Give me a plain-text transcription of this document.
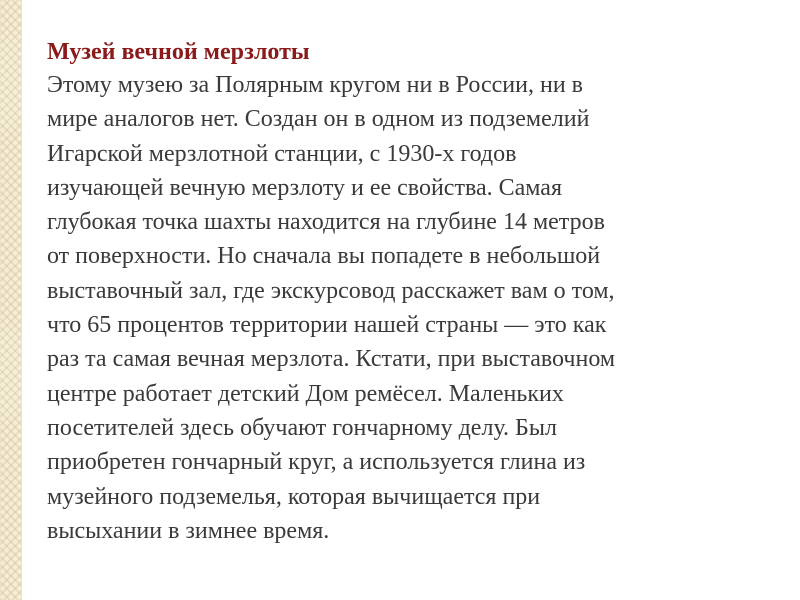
Музей вечной мерзлоты
Этому музею за Полярным кругом ни в России, ни в
мире аналогов нет. Создан он в одном из подземелий
Игарской мерзлотной станции, с 1930-х годов
изучающей вечную мерзлоту и ее свойства. Самая
глубокая точка шахты находится на глубине 14 метров
от поверхности. Но сначала вы попадете в небольшой
выставочный зал, где экскурсовод расскажет вам о том,
что 65 процентов территории нашей страны — это как
раз та самая вечная мерзлота. Кстати, при выставочном
центре работает детский Дом ремёсел. Маленьких
посетителей здесь обучают гончарному делу. Был
приобретен гончарный круг, а используется глина из
музейного подземелья, которая вычищается при
высыхании в зимнее время.
